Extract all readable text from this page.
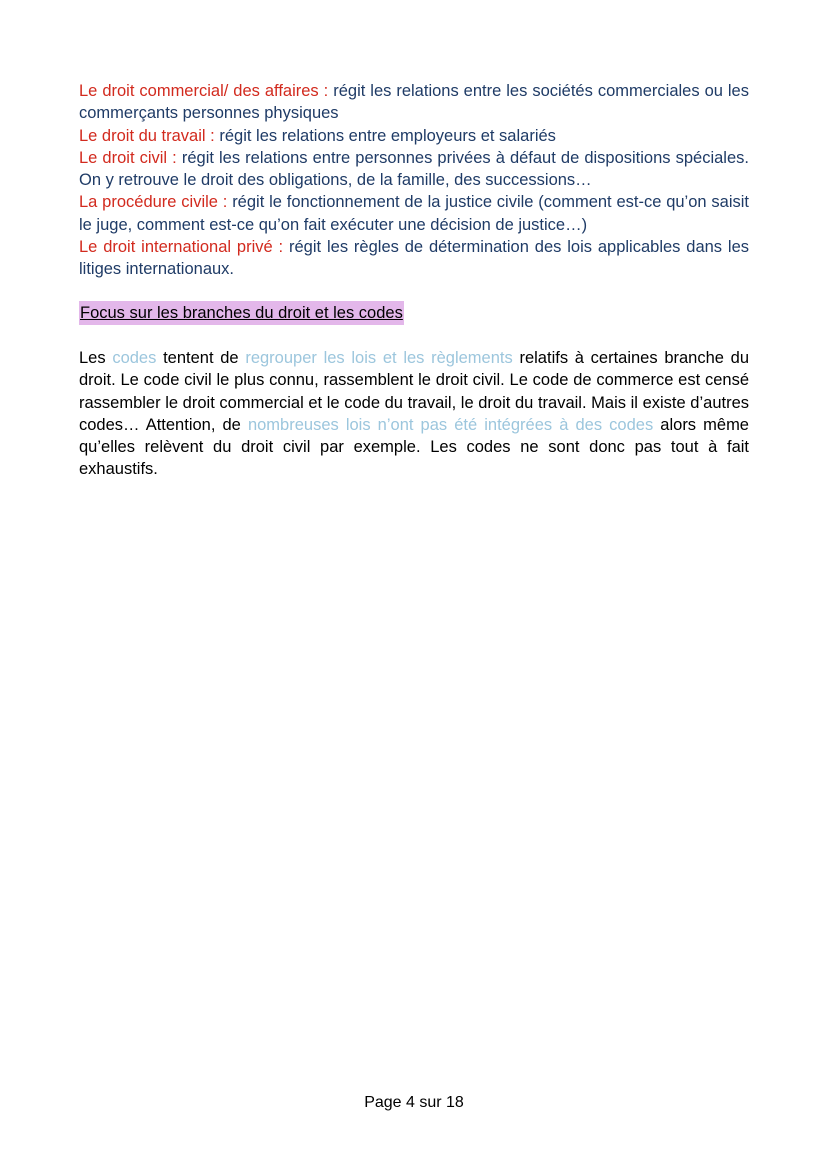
Le droit commercial/ des affaires : régit les relations entre les sociétés commerciales ou les commerçants personnes physiques
Le droit du travail : régit les relations entre employeurs et salariés
Le droit civil : régit les relations entre personnes privées à défaut de dispositions spéciales. On y retrouve le droit des obligations, de la famille, des successions…
La procédure civile : régit le fonctionnement de la justice civile (comment est-ce qu’on saisit le juge, comment est-ce qu’on fait exécuter une décision de justice…)
Le droit international privé : régit les règles de détermination des lois applicables dans les litiges internationaux.
Focus sur les branches du droit et les codes
Les codes tentent de regrouper les lois et les règlements relatifs à certaines branche du droit. Le code civil le plus connu, rassemblent le droit civil. Le code de commerce est censé rassembler le droit commercial et le code du travail, le droit du travail. Mais il existe d’autres codes… Attention, de nombreuses lois n’ont pas été intégrées à des codes alors même qu’elles relèvent du droit civil par exemple. Les codes ne sont donc pas tout à fait exhaustifs.
Page 4 sur 18
